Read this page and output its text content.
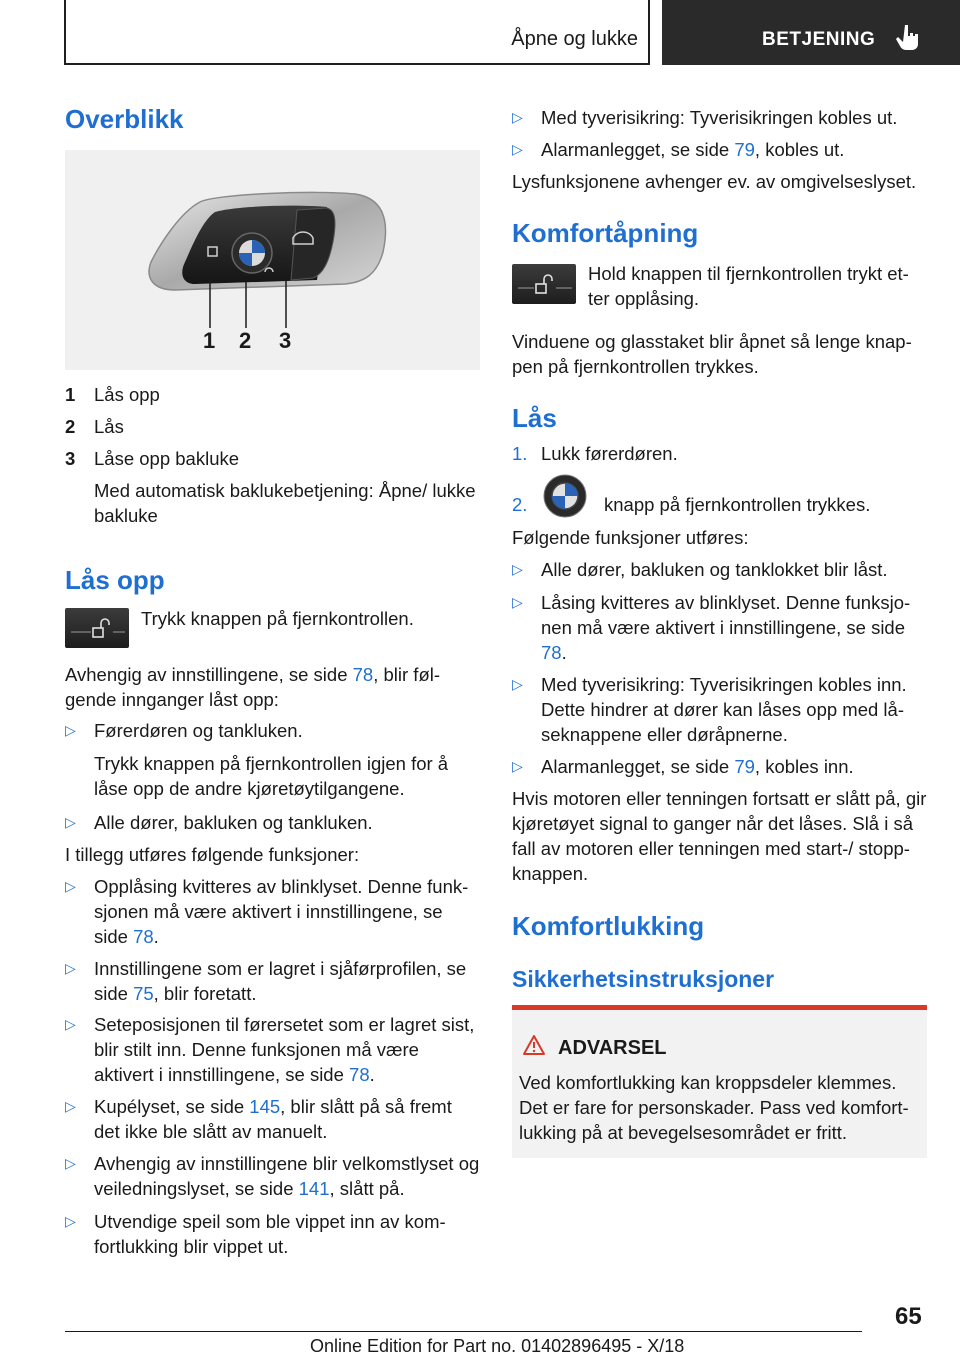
Åpne og lukke	BETJENING
Overblikk
1 2 3
1 Lås opp
2 Lås
3 Låse opp bakluke
Med automatisk baklukebetjening: Åpne/ lukke bakluke
Lås opp
Trykk knappen på fjernkontrollen.
Avhengig av innstillingene, se side 78, blir føl- gende innganger låst opp:
▷ Førerdøren og tankluken.
Trykk knappen på fjernkontrollen igjen for å låse opp de andre kjøretøytilgangene.
▷ Alle dører, bakluken og tankluken.
I tillegg utføres følgende funksjoner:
▷ Opplåsing kvitteres av blinklyset. Denne funk- sjonen må være aktivert i innstillingene, se side 78.
▷ Innstillingene som er lagret i sjåførprofilen, se side 75, blir foretatt.
▷ Seteposisjonen til førersetet som er lagret sist, blir stilt inn. Denne funksjonen må være aktivert i innstillingene, se side 78.
▷ Kupélyset, se side 145, blir slått på så fremt det ikke ble slått av manuelt.
▷ Avhengig av innstillingene blir velkomstlyset og veiledningslyset, se side 141, slått på.
▷ Utvendige speil som ble vippet inn av kom- fortlukking blir vippet ut.
▷ Med tyverisikring: Tyverisikringen kobles ut.
▷ Alarmanlegget, se side 79, kobles ut.
Lysfunksjonene avhenger ev. av omgivelseslyset.
Komfortåpning
Hold knappen til fjernkontrollen trykt et- ter opplåsing.
Vinduene og glasstaket blir åpnet så lenge knap- pen på fjernkontrollen trykkes.
Lås
1. Lukk førerdøren.
2.	knapp på fjernkontrollen trykkes.
Følgende funksjoner utføres:
▷ Alle dører, bakluken og tanklokket blir låst.
▷ Låsing kvitteres av blinklyset. Denne funksjo- nen må være aktivert i innstillingene, se side 78.
▷ Med tyverisikring: Tyverisikringen kobles inn. Dette hindrer at dører kan låses opp med lå- seknappene eller døråpnerne.
▷ Alarmanlegget, se side 79, kobles inn.
Hvis motoren eller tenningen fortsatt er slått på, gir kjøretøyet signal to ganger når det låses. Slå i så fall av motoren eller tenningen med start-/ stopp-knappen.
Komfortlukking
Sikkerhetsinstruksjoner
ADVARSEL
Ved komfortlukking kan kroppsdeler klemmes. Det er fare for personskader. Pass ved komfort- lukking på at bevegelsesområdet er fritt.
65
Online Edition for Part no. 01402896495 - X/18
